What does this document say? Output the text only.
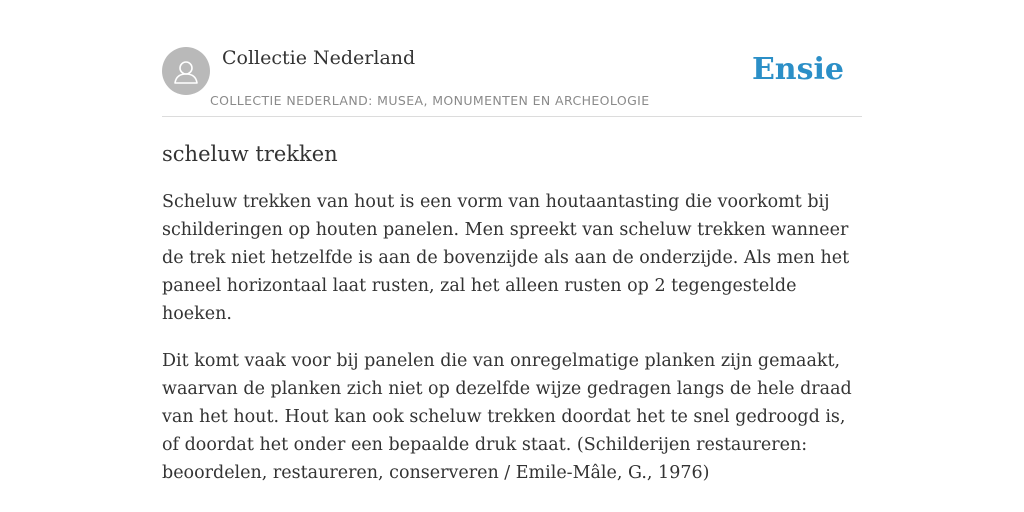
Collectie Nederland
COLLECTIE NEDERLAND: MUSEA, MONUMENTEN EN ARCHEOLOGIE
Ensie
scheluw trekken

Scheluw trekken van hout is een vorm van houtaantasting die voorkomt bij schilderingen op houten panelen. Men spreekt van scheluw trekken wanneer de trek niet hetzelfde is aan de bovenzijde als aan de onderzijde. Als men het paneel horizontaal laat rusten, zal het alleen rusten op 2 tegengestelde hoeken.

Dit komt vaak voor bij panelen die van onregelmatige planken zijn gemaakt, waarvan de planken zich niet op dezelfde wijze gedragen langs de hele draad van het hout. Hout kan ook scheluw trekken doordat het te snel gedroogd is, of doordat het onder een bepaalde druk staat. (Schilderijen restaureren: beoordelen, restaureren, conserveren / Emile-Mâle, G., 1976)
